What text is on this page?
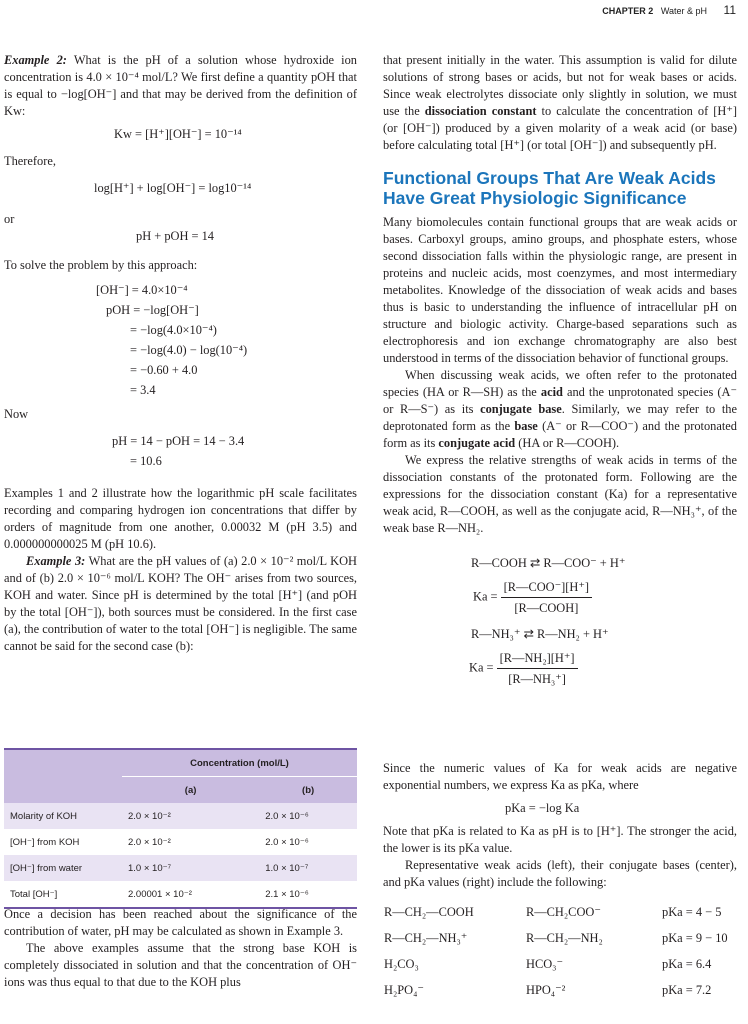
CHAPTER 2 Water & pH 11

Example 2: What is the pH of a solution whose hydroxide ion concentration is 4.0 × 10⁻⁴ mol/L? We first define a quantity pOH that is equal to −log[OH⁻] and that may be derived from the definition of Kw:

Kw = [H⁺][OH⁻] = 10⁻¹⁴

Therefore,

log[H⁺] + log[OH⁻] = log10⁻¹⁴

or

pH + pOH = 14

To solve the problem by this approach:

[OH⁻] = 4.0×10⁻⁴
pOH = −log[OH⁻]
= −log(4.0×10⁻⁴)
= −log(4.0) − log(10⁻⁴)
= −0.60 + 4.0
= 3.4

Now

pH = 14 − pOH = 14 − 3.4
= 10.6

Examples 1 and 2 illustrate how the logarithmic pH scale facilitates recording and comparing hydrogen ion concentrations that differ by orders of magnitude from one another, 0.00032 M (pH 3.5) and 0.000000000025 M (pH 10.6).

Example 3: What are the pH values of (a) 2.0 × 10⁻² mol/L KOH and of (b) 2.0 × 10⁻⁶ mol/L KOH? The OH⁻ arises from two sources, KOH and water. Since pH is determined by the total [H⁺] (and pOH by the total [OH⁻]), both sources must be considered. In the first case (a), the contribution of water to the total [OH⁻] is negligible. The same cannot be said for the second case (b):

	Concentration (mol/L)	
	(a)	(b)
Molarity of KOH	2.0 × 10⁻²	2.0 × 10⁻⁶
[OH⁻] from KOH	2.0 × 10⁻²	2.0 × 10⁻⁶
[OH⁻] from water	1.0 × 10⁻⁷	1.0 × 10⁻⁷
Total [OH⁻]	2.00001 × 10⁻²	2.1 × 10⁻⁶

Once a decision has been reached about the significance of the contribution of water, pH may be calculated as shown in Example 3.

The above examples assume that the strong base KOH is completely dissociated in solution and that the concentration of OH⁻ ions was thus equal to that due to the KOH plus

that present initially in the water. This assumption is valid for dilute solutions of strong bases or acids, but not for weak bases or acids. Since weak electrolytes dissociate only slightly in solution, we must use the dissociation constant to calculate the concentration of [H⁺] (or [OH⁻]) produced by a given molarity of a weak acid (or base) before calculating total [H⁺] (or total [OH⁻]) and subsequently pH.

Functional Groups That Are Weak Acids Have Great Physiologic Significance

Many biomolecules contain functional groups that are weak acids or bases. Carboxyl groups, amino groups, and phosphate esters, whose second dissociation falls within the physiologic range, are present in proteins and nucleic acids, most coenzymes, and most intermediary metabolites. Knowledge of the dissociation of weak acids and bases thus is basic to understanding the influence of intracellular pH on structure and biologic activity. Charge-based separations such as electrophoresis and ion exchange chromatography are also best understood in terms of the dissociation behavior of functional groups.

When discussing weak acids, we often refer to the protonated species (HA or R—SH) as the acid and the unprotonated species (A⁻ or R—S⁻) as its conjugate base. Similarly, we may refer to the deprotonated form as the base (A⁻ or R—COO⁻) and the protonated form as its conjugate acid (HA or R—COOH).

We express the relative strengths of weak acids in terms of the dissociation constants of the protonated form. Following are the expressions for the dissociation constant (Ka) for a representative weak acid, R—COOH, as well as the conjugate acid, R—NH₃⁺, of the weak base R—NH₂.

R—COOH ⇄ R—COO⁻ + H⁺
$Ka = \frac{\text{[R—COO⁻][H⁺]}}{\text{[R—COOH]}}$
R—NH₃⁺ ⇄ R—NH₂ + H⁺
$Ka = \frac{\text{[R—NH₂][H⁺]}}{\text{[R—NH₃⁺]}}$

Since the numeric values of Ka for weak acids are negative exponential numbers, we express Ka as pKa, where

pKa = −log Ka

Note that pKa is related to Ka as pH is to [H⁺]. The stronger the acid, the lower is its pKa value.

Representative weak acids (left), their conjugate bases (center), and pKa values (right) include the following:

R—CH₂—COOH	R—CH₂COO⁻	pKa = 4 − 5
R—CH₂—NH₃⁺	R—CH₂—NH₂	pKa = 9 − 10
H₂CO₃	HCO₃⁻	pKa = 6.4
H₂PO₄⁻	HPO₄⁻²	pKa = 7.2
